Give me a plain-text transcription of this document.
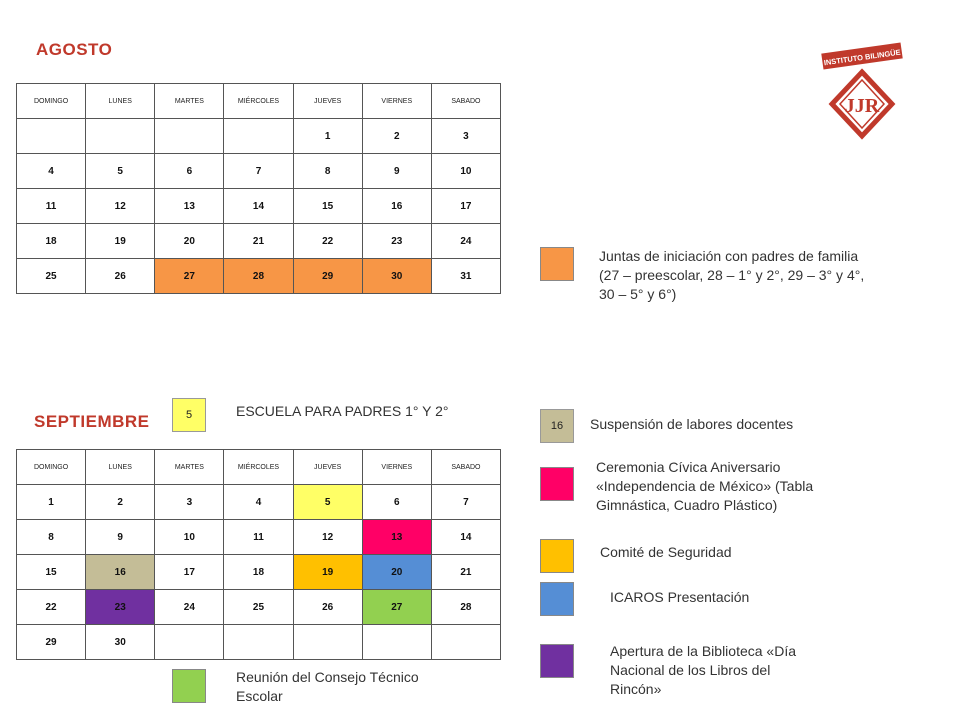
AGOSTO
SEPTIEMBRE
INSTITUTO BILINGÜE
JJR
DOMINGO	LUNES	MARTES	MIÉRCOLES	JUEVES	VIERNES	SABADO
				1	2	3
4	5	6	7	8	9	10
11	12	13	14	15	16	17
18	19	20	21	22	23	24
25	26	27	28	29	30	31
DOMINGO	LUNES	MARTES	MIÉRCOLES	JUEVES	VIERNES	SABADO
1	2	3	4	5	6	7
8	9	10	11	12	13	14
15	16	17	18	19	20	21
22	23	24	25	26	27	28
29	30					
Juntas de iniciación con padres de familia (27 – preescolar, 28 – 1° y 2°, 29 – 3° y 4°, 30 – 5° y 6°)
5	ESCUELA PARA PADRES 1° Y 2°
16	Suspensión de labores docentes
Ceremonia Cívica Aniversario «Independencia de México» (Tabla Gimnástica, Cuadro Plástico)
Comité de Seguridad
ICAROS Presentación
Apertura de la Biblioteca «Día Nacional de los Libros del Rincón»
Reunión del Consejo Técnico Escolar
